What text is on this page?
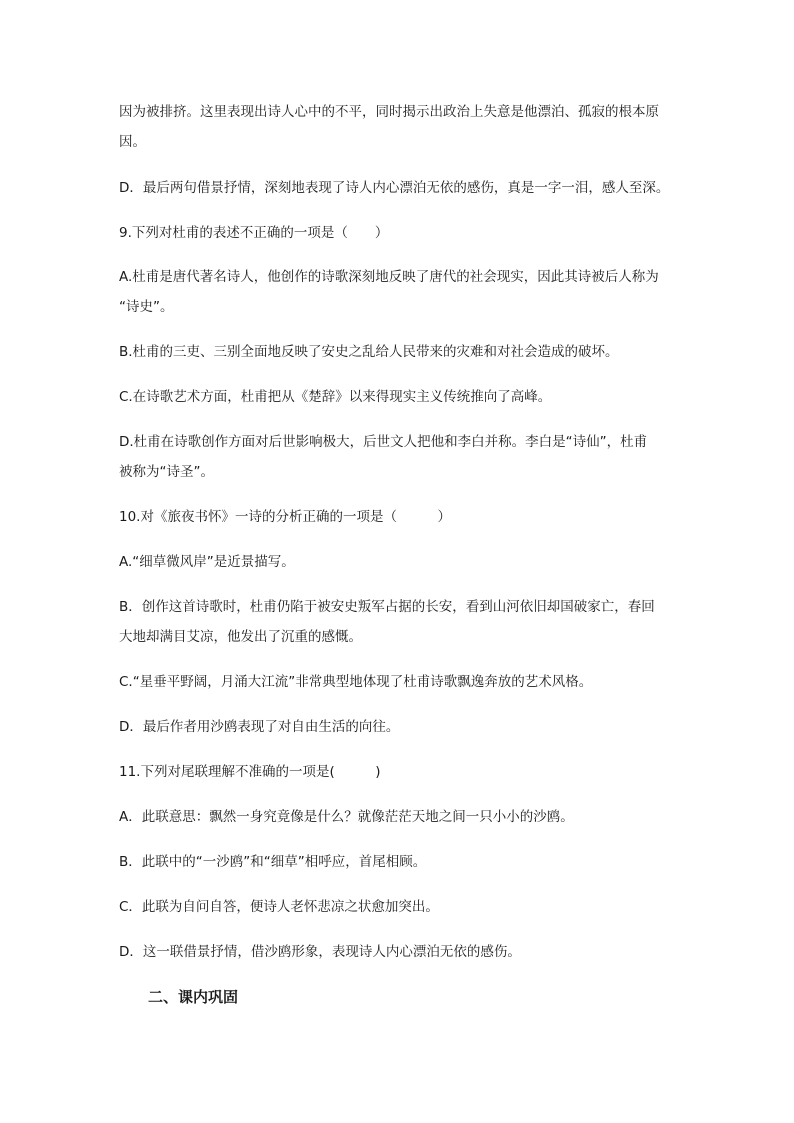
因为被排挤。这里表现出诗人心中的不平，同时揭示出政治上失意是他漂泊、孤寂的根本原
因。
D．最后两句借景抒情，深刻地表现了诗人内心漂泊无依的感伤，真是一字一泪，感人至深。
9.下列对杜甫的表述不正确的一项是（　　）
A.杜甫是唐代著名诗人，他创作的诗歌深刻地反映了唐代的社会现实，因此其诗被后人称为
“诗史”。
B.杜甫的三吏、三别全面地反映了安史之乱给人民带来的灾难和对社会造成的破坏。
C.在诗歌艺术方面，杜甫把从《楚辞》以来得现实主义传统推向了高峰。
D.杜甫在诗歌创作方面对后世影响极大，后世文人把他和李白并称。李白是“诗仙”，杜甫
被称为“诗圣”。
10.对《旅夜书怀》一诗的分析正确的一项是（　　　）
A.“细草微风岸”是近景描写。
B．创作这首诗歌时，杜甫仍陷于被安史叛军占据的长安，看到山河依旧却国破家亡，春回
大地却满目艾凉，他发出了沉重的感慨。
C.“星垂平野阔，月涌大江流”非常典型地体现了杜甫诗歌飘逸奔放的艺术风格。
D．最后作者用沙鸥表现了对自由生活的向往。
11.下列对尾联理解不准确的一项是(　　　)
A．此联意思：飘然一身究竟像是什么？就像茫茫天地之间一只小小的沙鸥。
B．此联中的“一沙鸥”和“细草”相呼应，首尾相顾。
C．此联为自问自答，便诗人老怀悲凉之状愈加突出。
D．这一联借景抒情，借沙鸥形象，表现诗人内心漂泊无依的感伤。
二、课内巩固
